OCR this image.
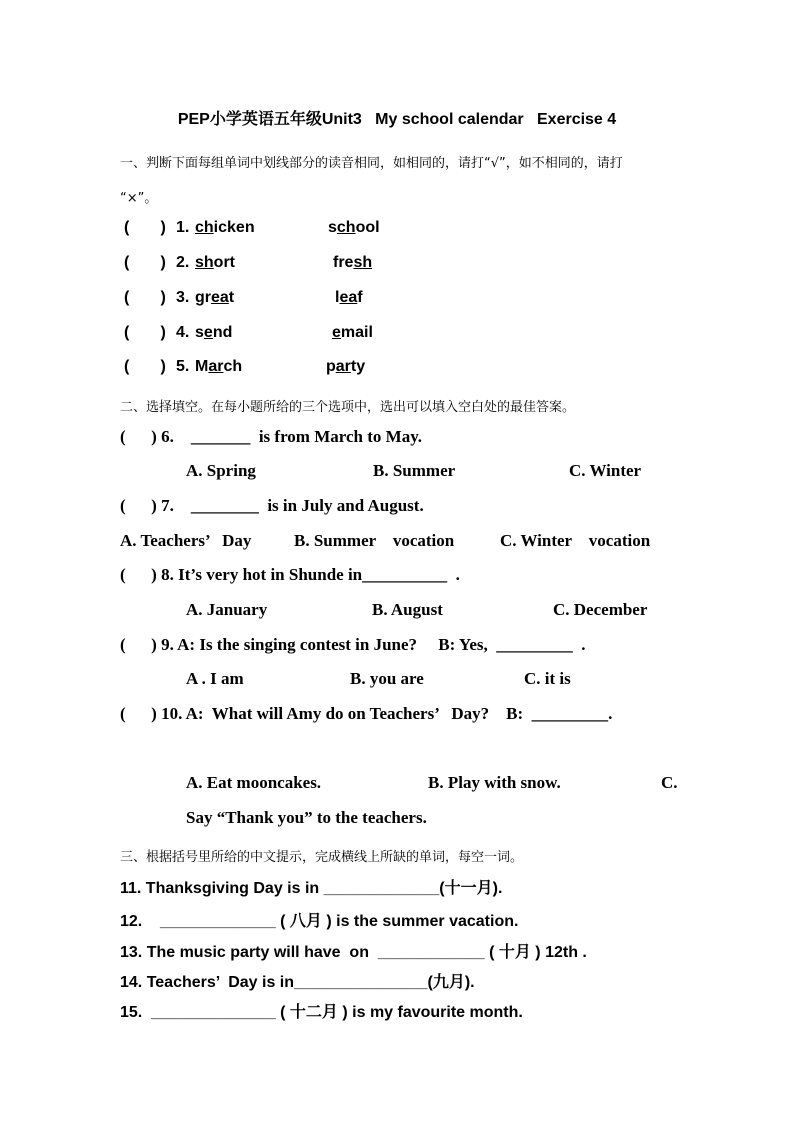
PEP小学英语五年级Unit3   My school calendar   Exercise 4
一、判断下面每组单词中划线部分的读音相同，如相同的，请打“√”，如不相同的，请打
“×”。
(       ) 1. chicken	school
(       ) 2. short	fresh
(       ) 3. great	leaf
(       ) 4. send	email
(       ) 5. March	party
二、选择填空。在每小题所给的三个选项中，选出可以填入空白处的最佳答案。
(      ) 6.    _______  is from March to May.
A. Spring	B. Summer	C. Winter
(      ) 7.    ________  is in July and August.
A. Teachers’   Day	B. Summer    vocation	C. Winter    vocation
(      ) 8. It’s very hot in Shunde in__________  .
A. January	B. August	C. December
(      ) 9. A: Is the singing contest in June?     B: Yes,  _________  .
A . I am	B. you are	C. it is
(      ) 10. A:  What will Amy do on Teachers’   Day?    B:  _________.
A. Eat mooncakes.	B. Play with snow.	C.
Say “Thank you” to the teachers.
三、根据括号里所给的中文提示，完成横线上所缺的单词，每空一词。
11. Thanksgiving Day is in _____________(十一月).
12.    _____________ ( 八月 ) is the summer vacation.
13. The music party will have  on  ____________ ( 十月 ) 12th .
14. Teachers’  Day is in_______________(九月).
15.  ______________ ( 十二月 ) is my favourite month.
